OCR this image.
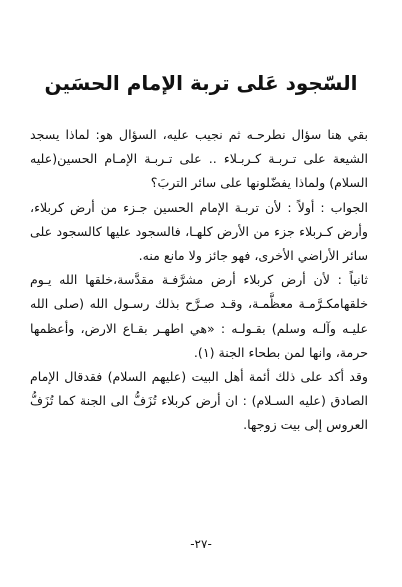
السّجود عَلى تربة الإمام الحسَين

بقي هنا سؤال نطرحـه ثم نجيب عليه، السؤال هو: لماذا يسجد الشيعة على تـربـة كـربـلاء .. على تـربـة الإمـام الحسين(عليه السلام) ولماذا يفضّلونها على سائر التربَ؟

الجواب : أولاً : لأن تربـة الإمام الحسين جـزء من أرض كربلاء، وأرض كـربلاء جزء من الأرض كلهـا، فالسجود عليها كالسجود على سائر الأراضي الأخرى، فهو جائز ولا مانع منه.

ثانياً : لأن أرض كربلاء أرض مشرَّفـة مقدَّسة،خلقها الله يـوم خلقهامكـرَّمـة معظَّمـة، وقـد صـرَّح بذلك رسـول الله (صلى الله عليـه وآلـه وسلم) بقـولـه : «هي اطهـر بقـاع الارض، وأعظمها حرمة، وانها لمن بطحاء الجنة (١).

وقد أكد على ذلك أئمة أهل البيت (عليهم السلام) فقدقال الإمام الصادق (عليه السـلام) : ان أرض كربلاء تُزَفُّ الى الجنة كما تُزَفُّ العروس إلى بيت زوجها.

-٢٧-
